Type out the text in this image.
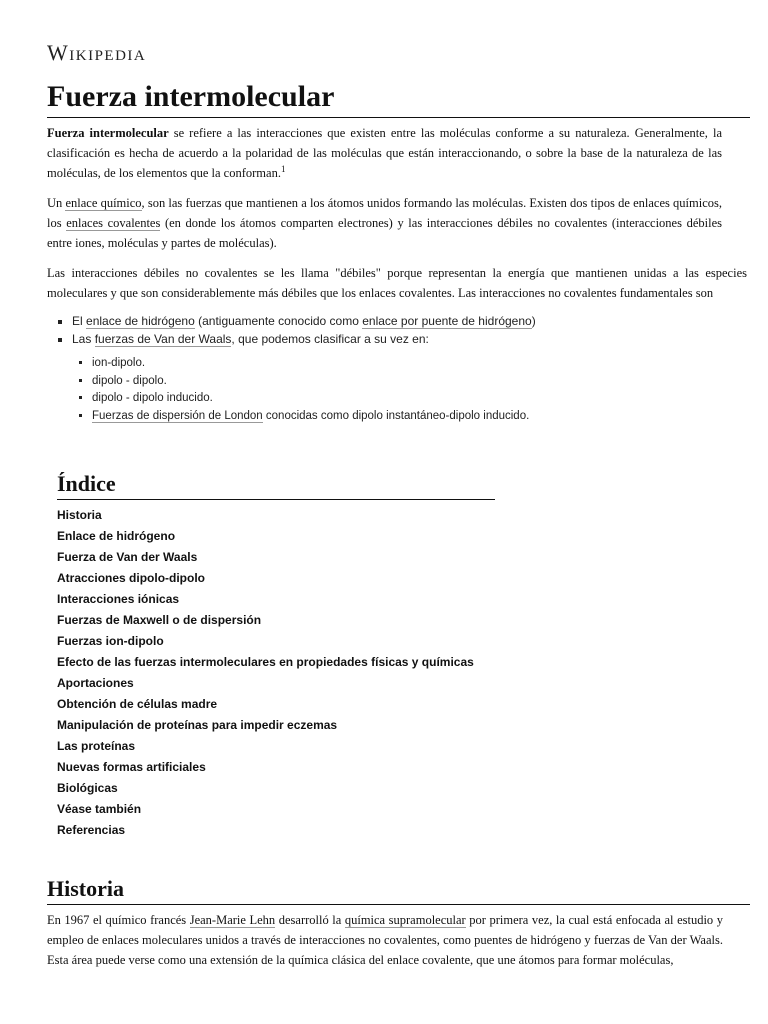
Wikipedia
Fuerza intermolecular

Fuerza intermolecular se refiere a las interacciones que existen entre las moléculas conforme a su naturaleza. Generalmente, la clasificación es hecha de acuerdo a la polaridad de las moléculas que están interaccionando, o sobre la base de la naturaleza de las moléculas, de los elementos que la conforman.$^1$

Un enlace químico, son las fuerzas que mantienen a los átomos unidos formando las moléculas. Existen dos tipos de enlaces químicos, los enlaces covalentes (en donde los átomos comparten electrones) y las interacciones débiles no covalentes (interacciones débiles entre iones, moléculas y partes de moléculas).

Las interacciones débiles no covalentes se les llama "débiles" porque representan la energía que mantienen unidas a las especies moleculares y que son considerablemente más débiles que los enlaces covalentes. Las interacciones no covalentes fundamentales son

▪ El enlace de hidrógeno (antiguamente conocido como enlace por puente de hidrógeno)
▪ Las fuerzas de Van der Waals, que podemos clasificar a su vez en:
▪ ion-dipolo.
▪ dipolo - dipolo.
▪ dipolo - dipolo inducido.
▪ Fuerzas de dispersión de London conocidas como dipolo instantáneo-dipolo inducido.
Índice
Historia
Enlace de hidrógeno
Fuerza de Van der Waals
Atracciones dipolo-dipolo
Interacciones iónicas
Fuerzas de Maxwell o de dispersión
Fuerzas ion-dipolo
Efecto de las fuerzas intermoleculares en propiedades físicas y químicas
Aportaciones
Obtención de células madre
Manipulación de proteínas para impedir eczemas
Las proteínas
Nuevas formas artificiales
Biológicas
Véase también
Referencias
Historia

En 1967 el químico francés Jean-Marie Lehn desarrolló la química supramolecular por primera vez, la cual está enfocada al estudio y empleo de enlaces moleculares unidos a través de interacciones no covalentes, como puentes de hidrógeno y fuerzas de Van der Waals. Esta área puede verse como una extensión de la química clásica del enlace covalente, que une átomos para formar moléculas,
